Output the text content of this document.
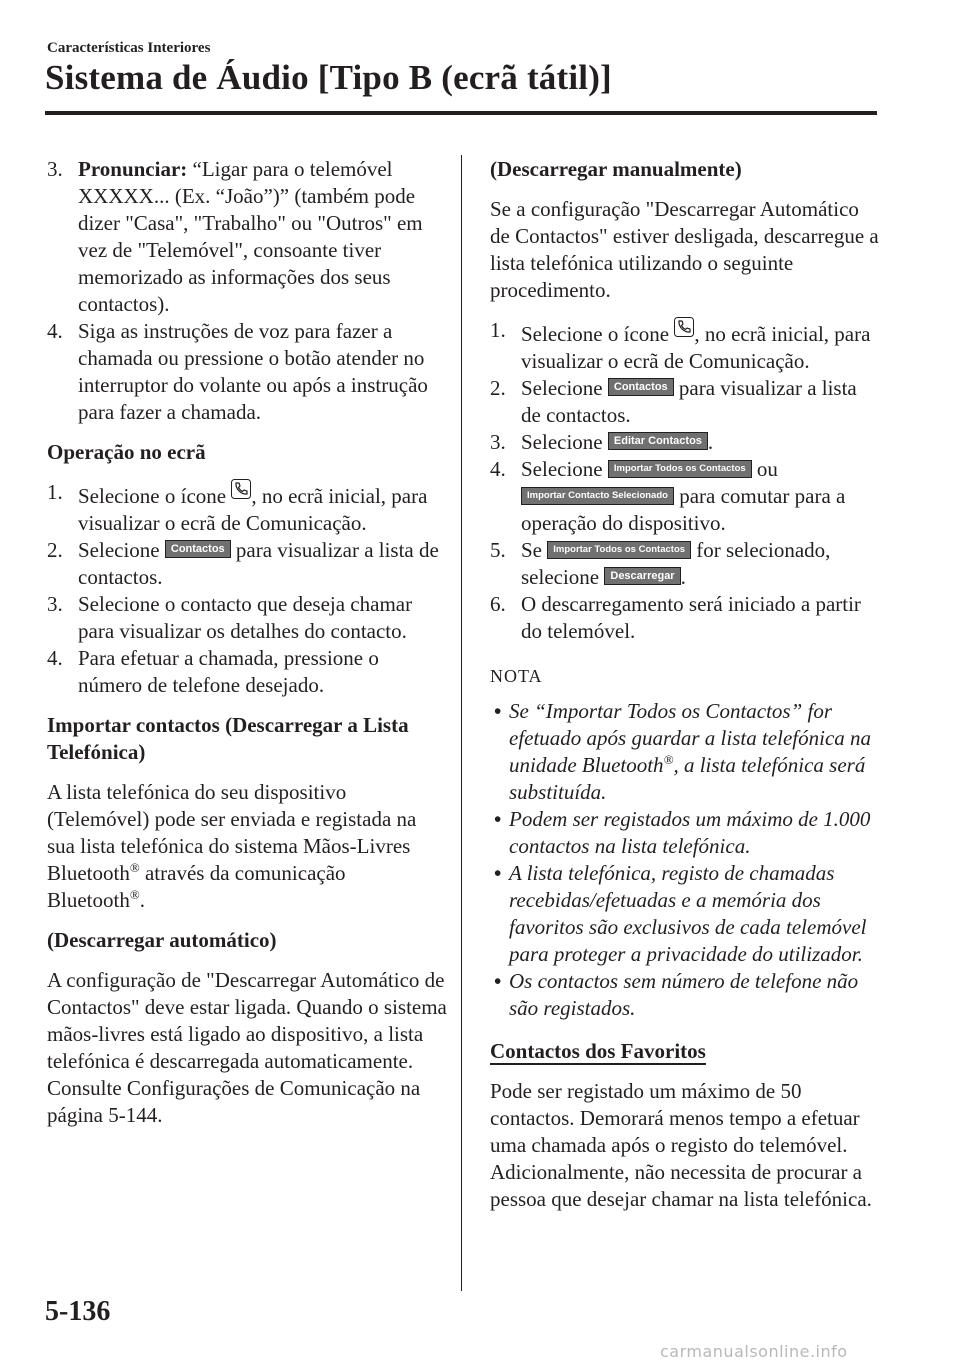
Características Interiores
Sistema de Áudio [Tipo B (ecrã tátil)]
3. Pronunciar: “Ligar para o telemóvel XXXXX... (Ex. “João”)” (também pode dizer "Casa", "Trabalho" ou "Outros" em vez de "Telemóvel", consoante tiver memorizado as informações dos seus contactos).
4. Siga as instruções de voz para fazer a chamada ou pressione o botão atender no interruptor do volante ou após a instrução para fazer a chamada.

Operação no ecrã

1. Selecione o ícone , no ecrã inicial, para visualizar o ecrã de Comunicação.
2. Selecione Contactos para visualizar a lista de contactos.
3. Selecione o contacto que deseja chamar para visualizar os detalhes do contacto.
4. Para efetuar a chamada, pressione o número de telefone desejado.

Importar contactos (Descarregar a Lista Telefónica)

A lista telefónica do seu dispositivo (Telemóvel) pode ser enviada e registada na sua lista telefónica do sistema Mãos-Livres Bluetooth® através da comunicação Bluetooth®.

(Descarregar automático)

A configuração de "Descarregar Automático de Contactos" deve estar ligada. Quando o sistema mãos-livres está ligado ao dispositivo, a lista telefónica é descarregada automaticamente.

Consulte Configurações de Comunicação na página 5-144.

(Descarregar manualmente)

Se a configuração "Descarregar Automático de Contactos" estiver desligada, descarregue a lista telefónica utilizando o seguinte procedimento.

1. Selecione o ícone , no ecrã inicial, para visualizar o ecrã de Comunicação.
2. Selecione Contactos para visualizar a lista de contactos.
3. Selecione Editar Contactos .
4. Selecione Importar Todos os Contactos ou Importar Contacto Selecionado para comutar para a operação do dispositivo.
5. Se Importar Todos os Contactos for selecionado, selecione Descarregar .
6. O descarregamento será iniciado a partir do telemóvel.

NOTA

• Se “Importar Todos os Contactos” for efetuado após guardar a lista telefónica na unidade Bluetooth®, a lista telefónica será substituída.
• Podem ser registados um máximo de 1.000 contactos na lista telefónica.
• A lista telefónica, registo de chamadas recebidas/efetuadas e a memória dos favoritos são exclusivos de cada telemóvel para proteger a privacidade do utilizador.
• Os contactos sem número de telefone não são registados.

Contactos dos Favoritos

Pode ser registado um máximo de 50 contactos. Demorará menos tempo a efetuar uma chamada após o registo do telemóvel. Adicionalmente, não necessita de procurar a pessoa que desejar chamar na lista telefónica.

5-136
carmanualsonline.info
